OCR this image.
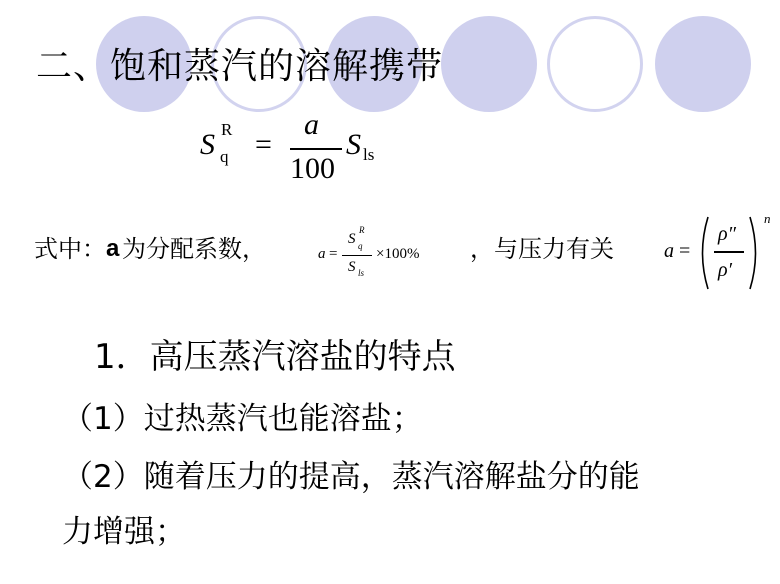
二、饱和蒸汽的溶解携带
S q
R =
a
100
S ls
式中： a 为分配系数，	a =
S q
R
S ls
×100% ，与压力有关	a =
ρ″
ρ′
n
1．高压蒸汽溶盐的特点
（1）过热蒸汽也能溶盐；
（2）随着压力的提高，蒸汽溶解盐分的能
力增强；
